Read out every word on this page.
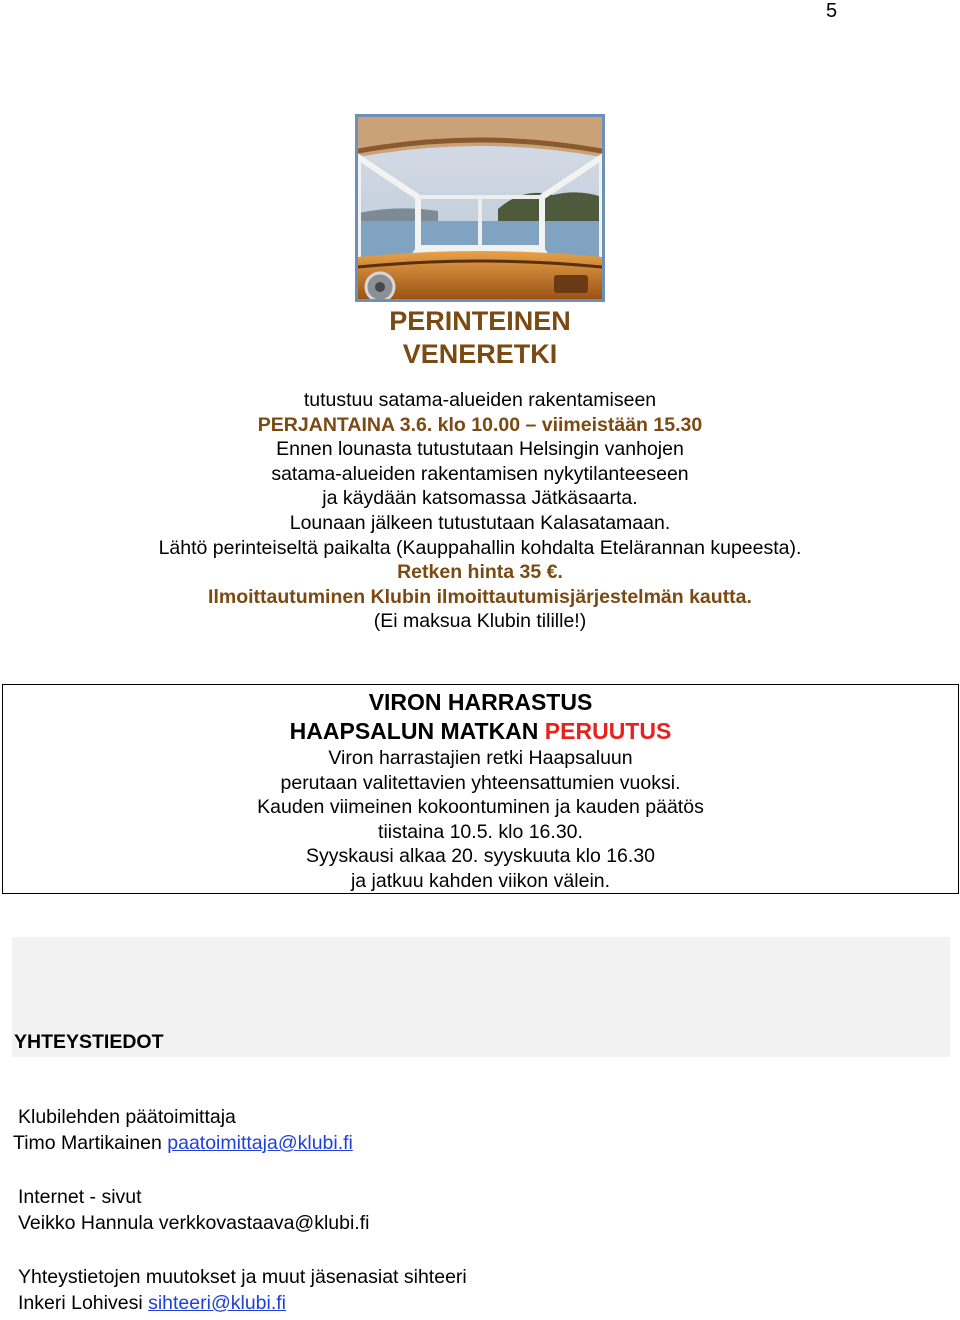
5
PERINTEINEN
VENERETKI
tutustuu satama-alueiden rakentamiseen
PERJANTAINA 3.6. klo 10.00 – viimeistään 15.30
Ennen lounasta tutustutaan Helsingin vanhojen
satama-alueiden rakentamisen nykytilanteeseen
ja käydään katsomassa Jätkäsaarta.
Lounaan jälkeen tutustutaan Kalasatamaan.
Lähtö perinteiseltä paikalta (Kauppahallin kohdalta Etelärannan kupeesta).
Retken hinta 35 €.
Ilmoittautuminen Klubin ilmoittautumisjärjestelmän kautta.
(Ei maksua Klubin tilille!)
VIRON HARRASTUS
HAAPSALUN MATKAN PERUUTUS
Viron harrastajien retki Haapsaluun
perutaan valitettavien yhteensattumien vuoksi.
Kauden viimeinen kokoontuminen ja kauden päätös
tiistaina 10.5. klo 16.30.
Syyskausi alkaa 20. syyskuuta klo 16.30
ja jatkuu kahden viikon välein.
YHTEYSTIEDOT
Klubilehden päätoimittaja
Timo Martikainen paatoimittaja@klubi.fi
Internet - sivut
Veikko Hannula verkkovastaava@klubi.fi
Yhteystietojen muutokset ja muut jäsenasiat sihteeri
Inkeri Lohivesi sihteeri@klubi.fi
